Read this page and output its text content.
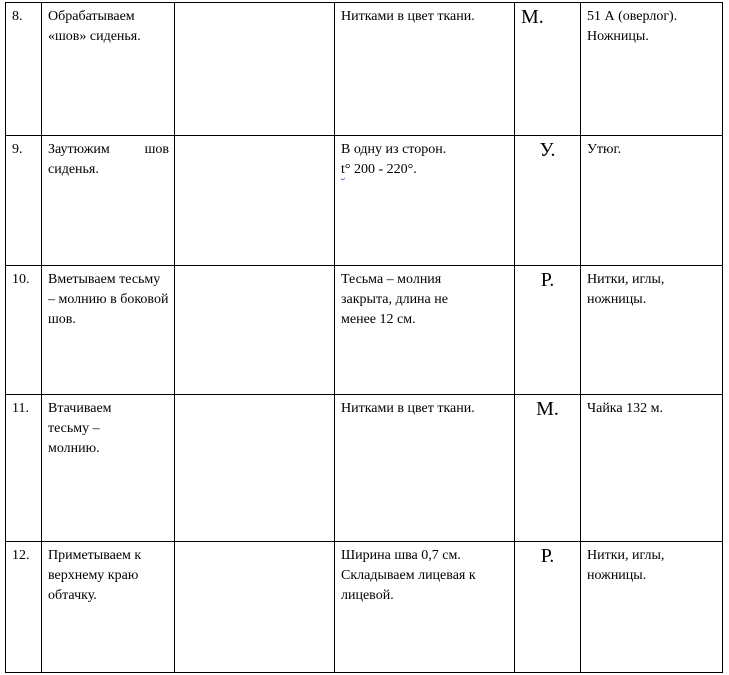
8.	Обрабатываем «шов» сиденья.		Нитками в цвет ткани.	М.	51 А (оверлог). Ножницы.

9.	Заутюжим шов сиденья.		В одну из сторон.
t° 200 - 220°.	У.	Утюг.

10.	Вметываем тесьму – молнию в боковой шов.		Тесьма – молния закрыта, длина не менее 12 см.	Р.	Нитки, иглы, ножницы.

11.	Втачиваем тесьму – молнию.		Нитками в цвет ткани.	М.	Чайка 132 м.

12.	Приметываем к верхнему краю обтачку.		Ширина шва 0,7 см. Складываем лицевая к лицевой.	Р.	Нитки, иглы, ножницы.
